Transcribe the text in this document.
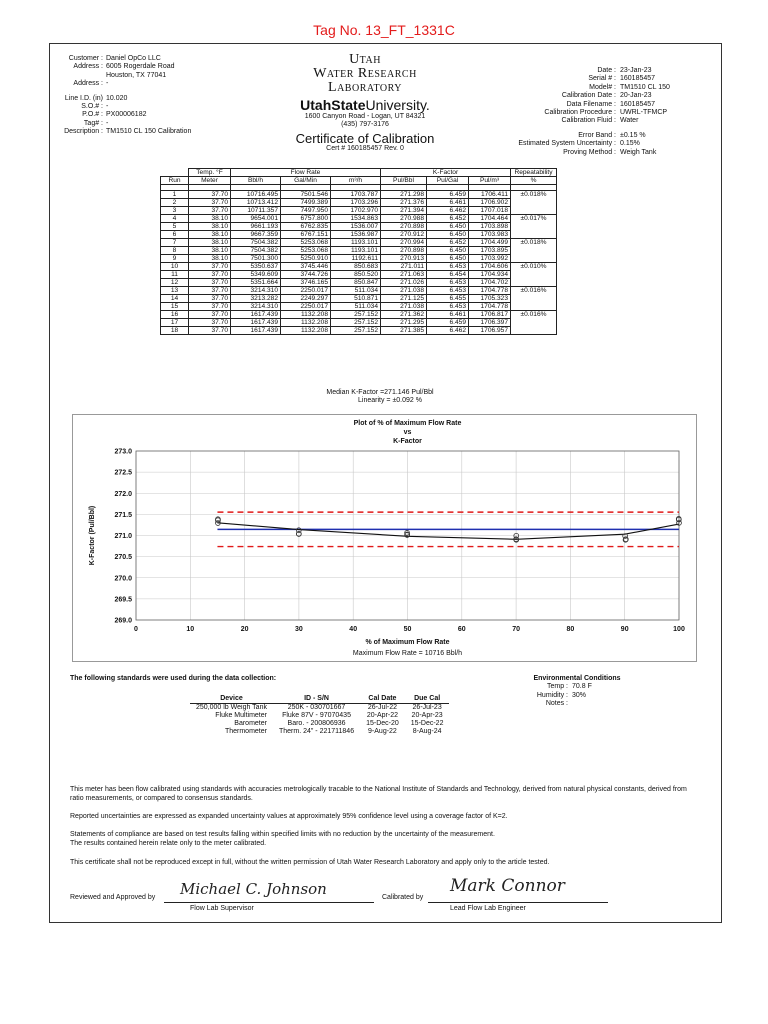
Tag No. 13_FT_1331C
Customer : Daniel OpCo LLC
Address : 6005 Rogerdale Road
Houston, TX 77041
Address : -
Line I.D. (in) 10.020
S.O.# : -
P.O.# : PX00006182
Tag# : -
Description : TM1510 CL 150 Calibration
Date : 23-Jan-23
Serial # : 160185457
Model# : TM1510 CL 150
Calibration Date : 20-Jan-23
Data Filename : 160185457
Calibration Procedure : UWRL-TFMCP
Calibration Fluid : Water
Error Band : ±0.15 %
Estimated System Uncertainty : 0.15%
Proving Method : Weigh Tank
Utah
Water Research
Laboratory
UtahStateUniversity.
1600 Canyon Road - Logan, UT 84321
(435) 797-3176
Certificate of Calibration
Cert # 160185457 Rev. 0
	Temp. °F	Flow Rate			K-Factor			Repeatability
Run	Meter	Bbl/h	Gal/Min	m³/h	Pul/Bbl	Pul/Gal	Pul/m³	%

1	37.70	10716.495	7501.546	1703.787	271.298	6.459	1706.411	±0.018%
2	37.70	10713.412	7499.389	1703.296	271.376	6.461	1706.902	
3	37.70	10711.357	7497.950	1702.970	271.394	6.462	1707.018	
4	38.10	9654.001	6757.800	1534.863	270.988	6.452	1704.464	±0.017%
5	38.10	9661.193	6762.835	1536.007	270.898	6.450	1703.898	
6	38.10	9667.359	6767.151	1536.987	270.912	6.450	1703.983	
7	38.10	7504.382	5253.068	1193.101	270.994	6.452	1704.499	±0.018%
8	38.10	7504.382	5253.068	1193.101	270.898	6.450	1703.895	
9	38.10	7501.300	5250.910	1192.611	270.913	6.450	1703.992	
10	37.70	5350.637	3745.446	850.683	271.011	6.453	1704.606	±0.010%
11	37.70	5349.609	3744.726	850.520	271.063	6.454	1704.934	
12	37.70	5351.664	3746.165	850.847	271.026	6.453	1704.702	
13	37.70	3214.310	2250.017	511.034	271.038	6.453	1704.778	±0.016%
14	37.70	3213.282	2249.297	510.871	271.125	6.455	1705.323	
15	37.70	3214.310	2250.017	511.034	271.038	6.453	1704.778	
16	37.70	1617.439	1132.208	257.152	271.362	6.461	1706.817	±0.016%
17	37.70	1617.439	1132.208	257.152	271.295	6.459	1706.397	
18	37.70	1617.439	1132.208	257.152	271.385	6.462	1706.957	
Median K-Factor =271.146 Pul/Bbl
Linearity = ±0.092 %
269.0
269.5
270.0
270.5
271.0
271.5
272.0
272.5
273.0
0	10	20	30	40	50	60	70	80	90	100
Plot of % of Maximum Flow Rate
vs
K-Factor
% of Maximum Flow Rate
Maximum Flow Rate = 10716 Bbl/h
K-Factor (Pul/Bbl)
The following standards were used during the data collection:
Device	ID - S/N	Cal Date	Due Cal
250,000 lb Weigh Tank	250K - 030701667	26-Jul-22	26-Jul-23
Fluke Multimeter	Fluke 87V - 97070435	20-Apr-22	20-Apr-23
Barometer	Baro. - 200806936	15-Dec-20	15-Dec-22
Thermometer	Therm. 24" - 221711846	9-Aug-22	8-Aug-24
Environmental Conditions
Temp : 70.8 F
Humidity : 30%
Notes :
This meter has been flow calibrated using standards with accuracies metrologically tracable to the National Institute of Standards and Technology, derived from natural physical constants, derived from ratio measurements, or compared to consensus standards.
Reported uncertainties are expressed as expanded uncertainty values at approximately 95% confidence level using a coverage factor of K=2.
Statements of compliance are based on test results falling within specified limits with no reduction by the uncertainty of the measurement.
The results contained herein relate only to the meter calibrated.
This certificate shall not be reproduced except in full, without the written permission of Utah Water Research Laboratory and apply only to the article tested.
Reviewed and Approved by Michael C. Johnson
Flow Lab Supervisor
Calibrated by
Mark Connor
Lead Flow Lab Engineer
